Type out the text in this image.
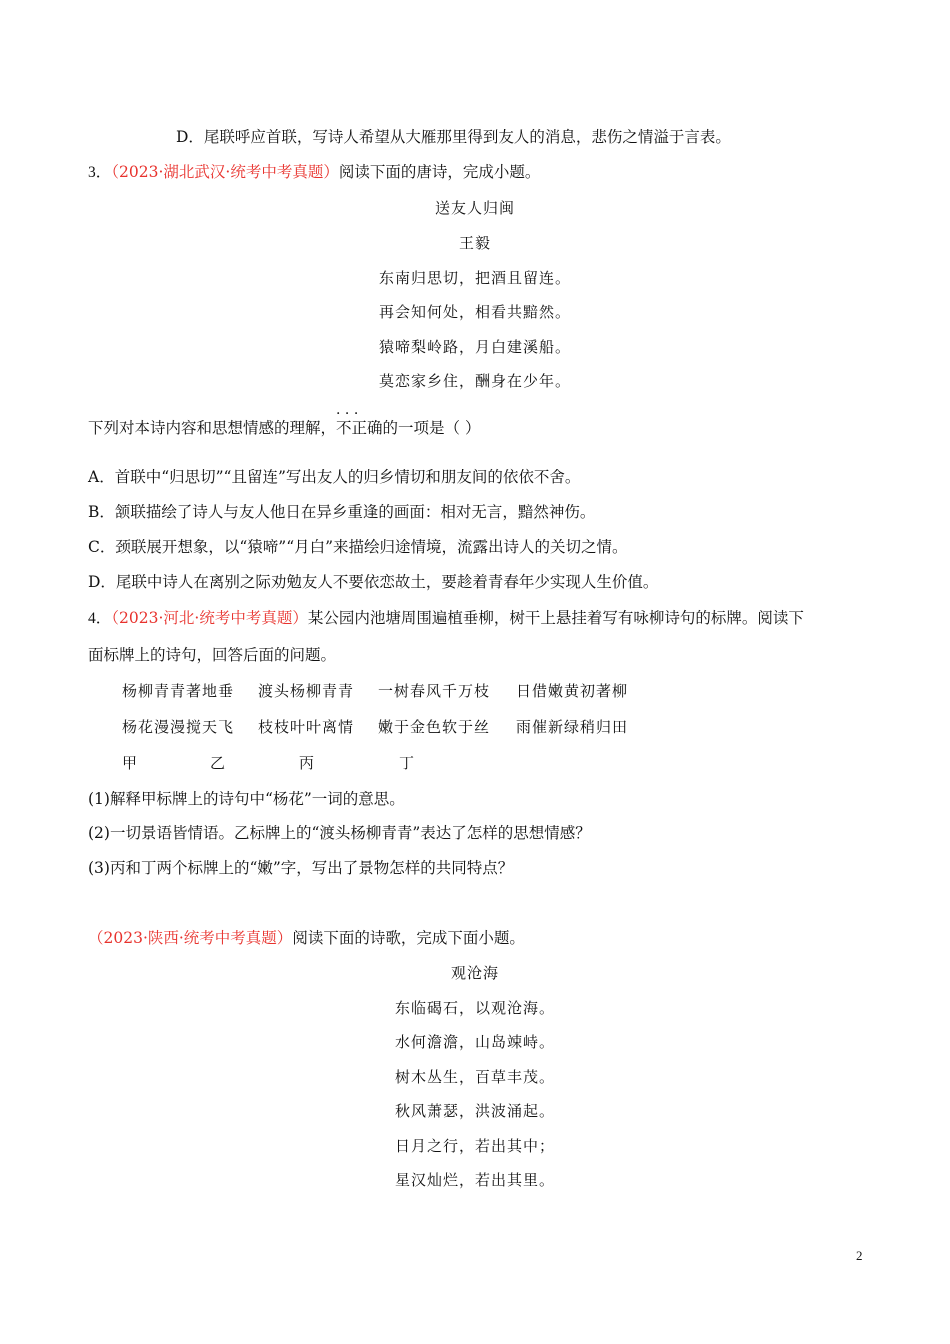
D．尾联呼应首联，写诗人希望从大雁那里得到友人的消息，悲伤之情溢于言表。
3．（2023·湖北武汉·统考中考真题）阅读下面的唐诗，完成小题。
送友人归闽
王毅
东南归思切，把酒且留连。
再会知何处，相看共黯然。
猿啼梨岭路，月白建溪船。
莫恋家乡住，酬身在少年。
下列对本诗内容和思想情感的理解，不正确 · · ·的一项是（ ）
A．首联中“归思切”“且留连”写出友人的归乡情切和朋友间的依依不舍。
B．颔联描绘了诗人与友人他日在异乡重逢的画面：相对无言，黯然神伤。
C．颈联展开想象，以“猿啼”“月白”来描绘归途情境，流露出诗人的关切之情。
D．尾联中诗人在离别之际劝勉友人不要依恋故土，要趁着青春年少实现人生价值。
4．（2023·河北·统考中考真题）某公园内池塘周围遍植垂柳，树干上悬挂着写有咏柳诗句的标牌。阅读下
面标牌上的诗句，回答后面的问题。
杨柳青青著地垂 渡头杨柳青青 一树春风千万枝 日借嫩黄初著柳
杨花漫漫搅天飞 枝枝叶叶离情 嫩于金色软于丝 雨催新绿稍归田
甲	乙	丙	丁
(1)解释甲标牌上的诗句中“杨花”一词的意思。
(2)一切景语皆情语。乙标牌上的“渡头杨柳青青”表达了怎样的思想情感？
(3)丙和丁两个标牌上的“嫩”字，写出了景物怎样的共同特点？
（2023·陕西·统考中考真题）阅读下面的诗歌，完成下面小题。
观沧海
东临碣石，以观沧海。
水何澹澹，山岛竦峙。
树木丛生，百草丰茂。
秋风萧瑟，洪波涌起。
日月之行，若出其中；
星汉灿烂，若出其里。
2
